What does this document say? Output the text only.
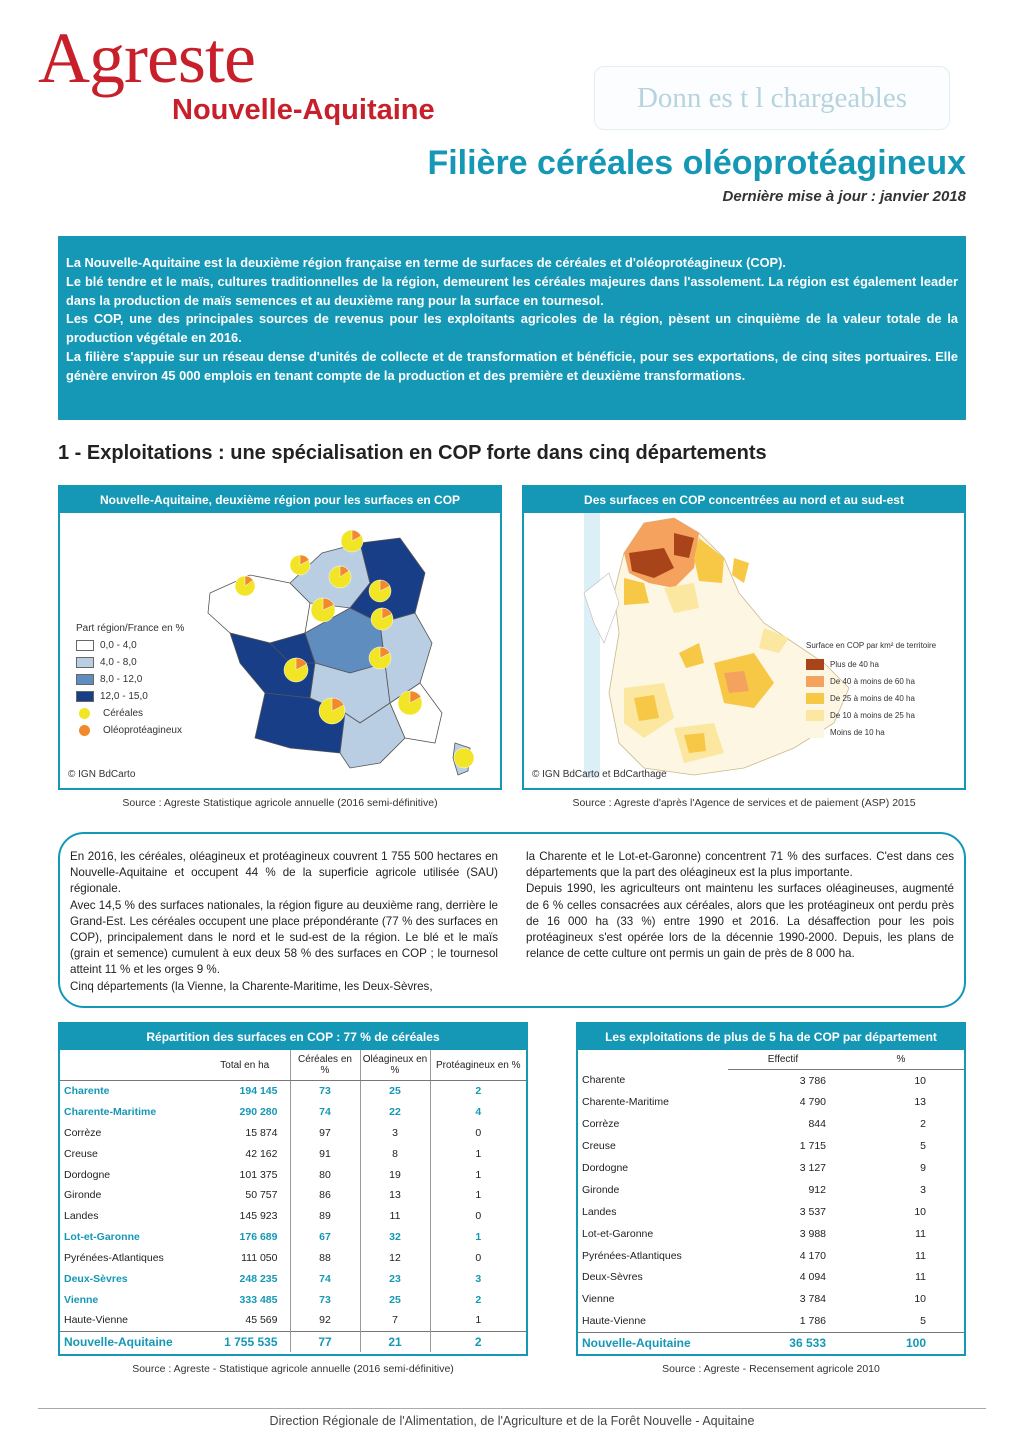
Agreste
Nouvelle-Aquitaine	Donn es t l chargeables
Filière céréales oléoprotéagineux
Dernière mise à jour : janvier 2018

La Nouvelle-Aquitaine est la deuxième région française en terme de surfaces de céréales et d'oléoprotéagineux (COP).

Le blé tendre et le maïs, cultures traditionnelles de la région, demeurent les céréales majeures dans l'assolement. La région est également leader dans la production de maïs semences et au deuxième rang pour la surface en tournesol.

Les COP, une des principales sources de revenus pour les exploitants agricoles de la région, pèsent un cinquième de la valeur totale de la production végétale en 2016.

La filière s'appuie sur un réseau dense d'unités de collecte et de transformation et bénéficie, pour ses exportations, de cinq sites portuaires. Elle génère environ 45 000 emplois en tenant compte de la production et des première et deuxième transformations.

1 - Exploitations : une spécialisation en COP forte dans cinq départements
Nouvelle-Aquitaine, deuxième région pour les surfaces en COP
Part région/France en %
0,0 - 4,0
4,0 - 8,0
8,0 - 12,0
12,0 - 15,0
Céréales
Oléoprotéagineux
© IGN BdCarto
Source : Agreste Statistique agricole annuelle (2016 semi-définitive)
Des surfaces en COP concentrées au nord et au sud-est
Surface en COP par km² de territoire
Plus de 40 ha
De 40 à moins de 60 ha
De 25 à moins de 40 ha
De 10 à moins de 25 ha
Moins de 10 ha
© IGN BdCarto et BdCarthage
Source : Agreste d'après l'Agence de services et de paiement (ASP) 2015
En 2016, les céréales, oléagineux et protéagineux couvrent 1 755 500 hectares en Nouvelle-Aquitaine et occupent 44 % de la superficie agricole utilisée (SAU) régionale.
Avec 14,5 % des surfaces nationales, la région figure au deuxième rang, derrière le Grand-Est. Les céréales occupent une place prépondérante (77 % des surfaces en COP), principalement dans le nord et le sud-est de la région. Le blé et le maïs (grain et semence) cumulent à eux deux 58 % des surfaces en COP ; le tournesol atteint 11 % et les orges 9 %.
Cinq départements (la Vienne, la Charente-Maritime, les Deux-Sèvres,
la Charente et le Lot-et-Garonne) concentrent 71 % des surfaces. C'est dans ces départements que la part des oléagineux est la plus importante.
Depuis 1990, les agriculteurs ont maintenu les surfaces oléagineuses, augmenté de 6 % celles consacrées aux céréales, alors que les protéagineux ont perdu près de 16 000 ha (33 %) entre 1990 et 2016. La désaffection pour les pois protéagineux s'est opérée lors de la décennie 1990-2000. Depuis, les plans de relance de cette culture ont permis un gain de près de 8 000 ha.
Répartition des surfaces en COP : 77 % de céréales
	Total en ha	Céréales en %	Oléagineux en %	Protéagineux en %
Charente	194 145	73	25	2
Charente-Maritime	290 280	74	22	4
Corrèze	15 874	97	3	0
Creuse	42 162	91	8	1
Dordogne	101 375	80	19	1
Gironde	50 757	86	13	1
Landes	145 923	89	11	0
Lot-et-Garonne	176 689	67	32	1
Pyrénées-Atlantiques	111 050	88	12	0
Deux-Sèvres	248 235	74	23	3
Vienne	333 485	73	25	2
Haute-Vienne	45 569	92	7	1
Nouvelle-Aquitaine	1 755 535	77	21	2
Source : Agreste - Statistique agricole annuelle (2016 semi-définitive)
Les exploitations de plus de 5 ha de COP par département
	Effectif	%
Charente	3 786	10
Charente-Maritime	4 790	13
Corrèze	844	2
Creuse	1 715	5
Dordogne	3 127	9
Gironde	912	3
Landes	3 537	10
Lot-et-Garonne	3 988	11
Pyrénées-Atlantiques	4 170	11
Deux-Sèvres	4 094	11
Vienne	3 784	10
Haute-Vienne	1 786	5
Nouvelle-Aquitaine	36 533	100
Source : Agreste - Recensement agricole 2010
Direction Régionale de l'Alimentation, de l'Agriculture et de la Forêt Nouvelle - Aquitaine
